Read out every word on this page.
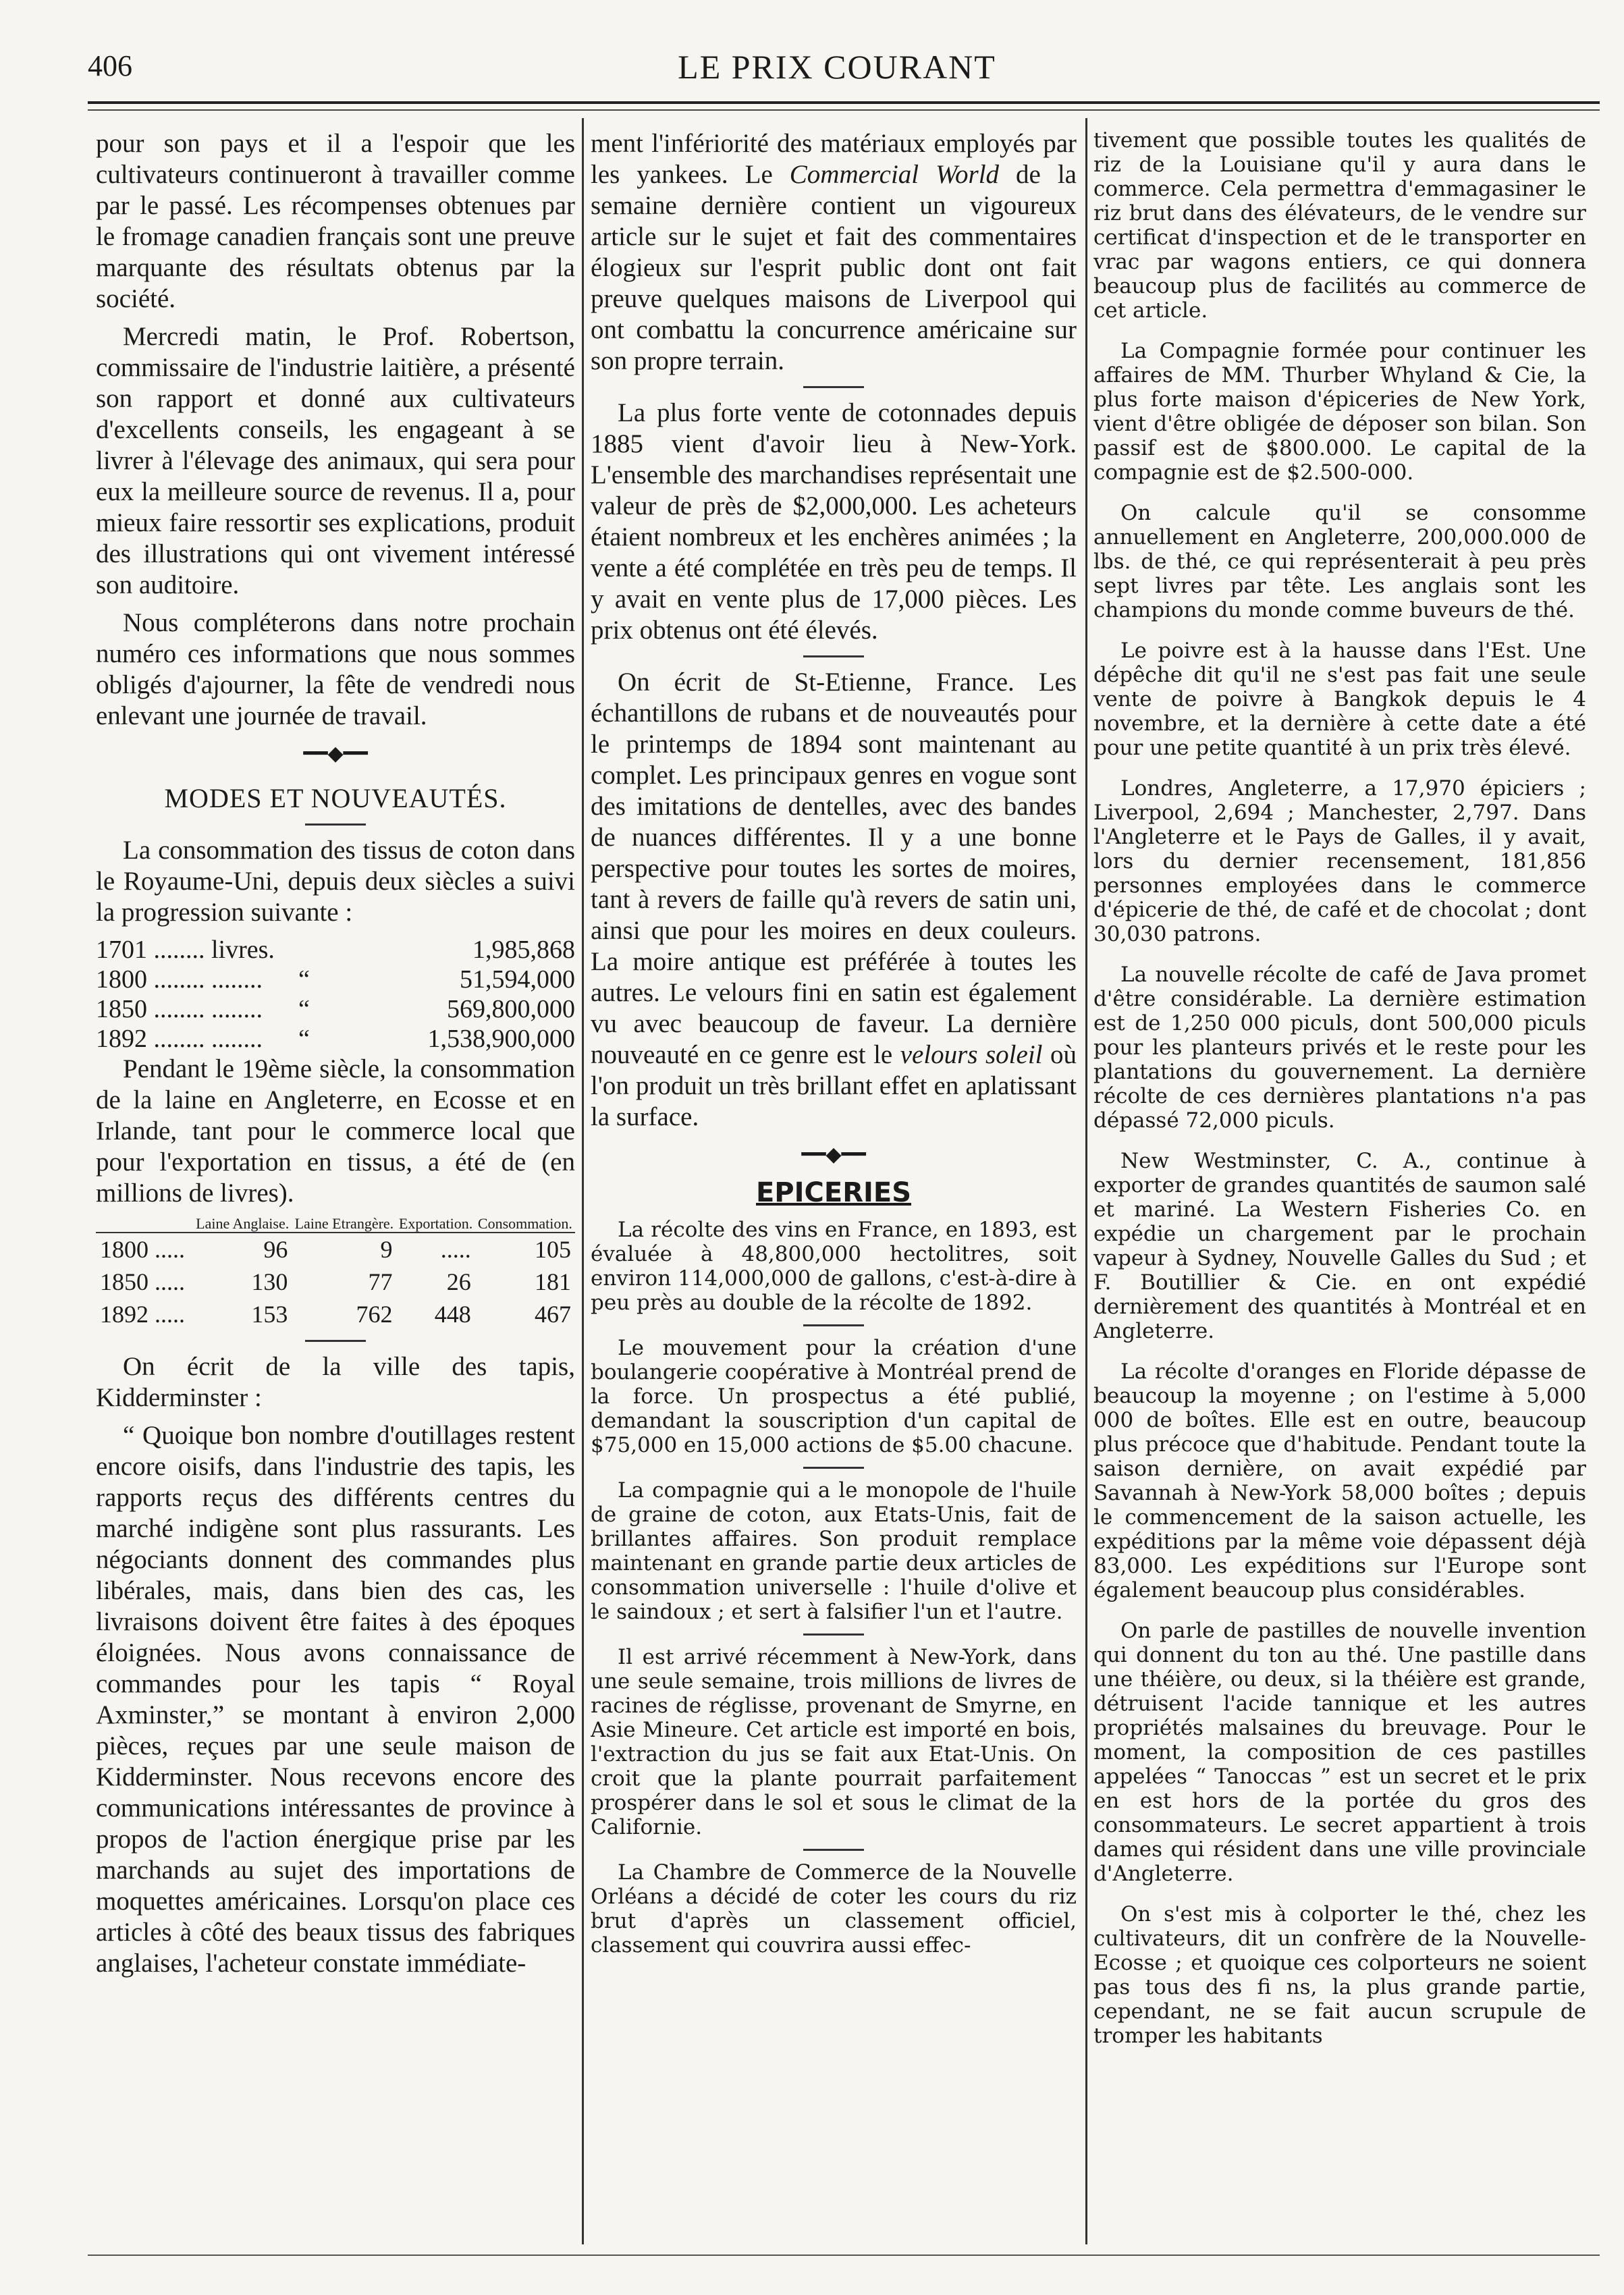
406	LE PRIX COURANT

pour son pays et il a l'espoir que les cultivateurs continueront à travailler comme par le passé. Les récompenses obtenues par le fromage canadien français sont une preuve marquante des résultats obtenus par la société.

Mercredi matin, le Prof. Robertson, commissaire de l'industrie laitière, a présenté son rapport et donné aux cultivateurs d'excellents conseils, les engageant à se livrer à l'élevage des animaux, qui sera pour eux la meilleure source de revenus. Il a, pour mieux faire ressortir ses explications, produit des illustrations qui ont vivement intéressé son auditoire.

Nous compléterons dans notre prochain numéro ces informations que nous sommes obligés d'ajourner, la fête de vendredi nous enlevant une journée de travail.

━━◆━━
MODES ET NOUVEAUTÉS.

La consommation des tissus de coton dans le Royaume-Uni, depuis deux siècles a suivi la progression suivante :

1701 ........ livres.	1,985,868
1800 ........ ........	“	51,594,000
1850 ........ ........	“	569,800,000
1892 ........ ........	“	1,538,900,000

Pendant le 19ème siècle, la consommation de la laine en Angleterre, en Ecosse et en Irlande, tant pour le commerce local que pour l'exportation en tissus, a été de (en millions de livres).

	Laine Anglaise.	Laine Etrangère.	Exportation.	Consommation.
1800 .....	96	9	.....	105
1850 .....	130	77	26	181
1892 .....	153	762	448	467

On écrit de la ville des tapis, Kidderminster :

“ Quoique bon nombre d'outillages restent encore oisifs, dans l'industrie des tapis, les rapports reçus des différents centres du marché indigène sont plus rassurants. Les négociants donnent des commandes plus libérales, mais, dans bien des cas, les livraisons doivent être faites à des époques éloignées. Nous avons connaissance de commandes pour les tapis “ Royal Axminster,” se montant à environ 2,000 pièces, reçues par une seule maison de Kidderminster. Nous recevons encore des communications intéressantes de province à propos de l'action énergique prise par les marchands au sujet des importations de moquettes américaines. Lorsqu'on place ces articles à côté des beaux tissus des fabriques anglaises, l'acheteur constate immédiate-

ment l'infériorité des matériaux employés par les yankees. Le Commercial World de la semaine dernière contient un vigoureux article sur le sujet et fait des commentaires élogieux sur l'esprit public dont ont fait preuve quelques maisons de Liverpool qui ont combattu la concurrence américaine sur son propre terrain.

La plus forte vente de cotonnades depuis 1885 vient d'avoir lieu à New-York. L'ensemble des marchandises représentait une valeur de près de $2,000,000. Les acheteurs étaient nombreux et les enchères animées ; la vente a été complétée en très peu de temps. Il y avait en vente plus de 17,000 pièces. Les prix obtenus ont été élevés.

On écrit de St-Etienne, France. Les échantillons de rubans et de nouveautés pour le printemps de 1894 sont maintenant au complet. Les principaux genres en vogue sont des imitations de dentelles, avec des bandes de nuances différentes. Il y a une bonne perspective pour toutes les sortes de moires, tant à revers de faille qu'à revers de satin uni, ainsi que pour les moires en deux couleurs. La moire antique est préférée à toutes les autres. Le velours fini en satin est également vu avec beaucoup de faveur. La dernière nouveauté en ce genre est le velours soleil où l'on produit un très brillant effet en aplatissant la surface.

━━◆━━
EPICERIES

La récolte des vins en France, en 1893, est évaluée à 48,800,000 hectolitres, soit environ 114,000,000 de gallons, c'est-à-dire à peu près au double de la récolte de 1892.

Le mouvement pour la création d'une boulangerie coopérative à Montréal prend de la force. Un prospectus a été publié, demandant la souscription d'un capital de $75,000 en 15,000 actions de $5.00 chacune.

La compagnie qui a le monopole de l'huile de graine de coton, aux Etats-Unis, fait de brillantes affaires. Son produit remplace maintenant en grande partie deux articles de consommation universelle : l'huile d'olive et le saindoux ; et sert à falsifier l'un et l'autre.

Il est arrivé récemment à New-York, dans une seule semaine, trois millions de livres de racines de réglisse, provenant de Smyrne, en Asie Mineure. Cet article est importé en bois, l'extraction du jus se fait aux Etat-Unis. On croit que la plante pourrait parfaitement prospérer dans le sol et sous le climat de la Californie.

La Chambre de Commerce de la Nouvelle Orléans a décidé de coter les cours du riz brut d'après un classement officiel, classement qui couvrira aussi effec-

tivement que possible toutes les qualités de riz de la Louisiane qu'il y aura dans le commerce. Cela permettra d'emmagasiner le riz brut dans des élévateurs, de le vendre sur certificat d'inspection et de le transporter en vrac par wagons entiers, ce qui donnera beaucoup plus de facilités au commerce de cet article.

La Compagnie formée pour continuer les affaires de MM. Thurber Whyland & Cie, la plus forte maison d'épiceries de New York, vient d'être obligée de déposer son bilan. Son passif est de $800.000. Le capital de la compagnie est de $2.500-000.

On calcule qu'il se consomme annuellement en Angleterre, 200,000.000 de lbs. de thé, ce qui représenterait à peu près sept livres par tête. Les anglais sont les champions du monde comme buveurs de thé.

Le poivre est à la hausse dans l'Est. Une dépêche dit qu'il ne s'est pas fait une seule vente de poivre à Bangkok depuis le 4 novembre, et la dernière à cette date a été pour une petite quantité à un prix très élevé.

Londres, Angleterre, a 17,970 épiciers ; Liverpool, 2,694 ; Manchester, 2,797. Dans l'Angleterre et le Pays de Galles, il y avait, lors du dernier recensement, 181,856 personnes employées dans le commerce d'épicerie de thé, de café et de chocolat ; dont 30,030 patrons.

La nouvelle récolte de café de Java promet d'être considérable. La dernière estimation est de 1,250 000 piculs, dont 500,000 piculs pour les planteurs privés et le reste pour les plantations du gouvernement. La dernière récolte de ces dernières plantations n'a pas dépassé 72,000 piculs.

New Westminster, C. A., continue à exporter de grandes quantités de saumon salé et mariné. La Western Fisheries Co. en expédie un chargement par le prochain vapeur à Sydney, Nouvelle Galles du Sud ; et F. Boutillier & Cie. en ont expédié dernièrement des quantités à Montréal et en Angleterre.

La récolte d'oranges en Floride dépasse de beaucoup la moyenne ; on l'estime à 5,000 000 de boîtes. Elle est en outre, beaucoup plus précoce que d'habitude. Pendant toute la saison dernière, on avait expédié par Savannah à New-York 58,000 boîtes ; depuis le commencement de la saison actuelle, les expéditions par la même voie dépassent déjà 83,000. Les expéditions sur l'Europe sont également beaucoup plus considérables.

On parle de pastilles de nouvelle invention qui donnent du ton au thé. Une pastille dans une théière, ou deux, si la théière est grande, détruisent l'acide tannique et les autres propriétés malsaines du breuvage. Pour le moment, la composition de ces pastilles appelées “ Tanoccas ” est un secret et le prix en est hors de la portée du gros des consommateurs. Le secret appartient à trois dames qui résident dans une ville provinciale d'Angleterre.

On s'est mis à colporter le thé, chez les cultivateurs, dit un confrère de la Nouvelle-Ecosse ; et quoique ces colporteurs ne soient pas tous des fi ns, la plus grande partie, cependant, ne se fait aucun scrupule de tromper les habitants
